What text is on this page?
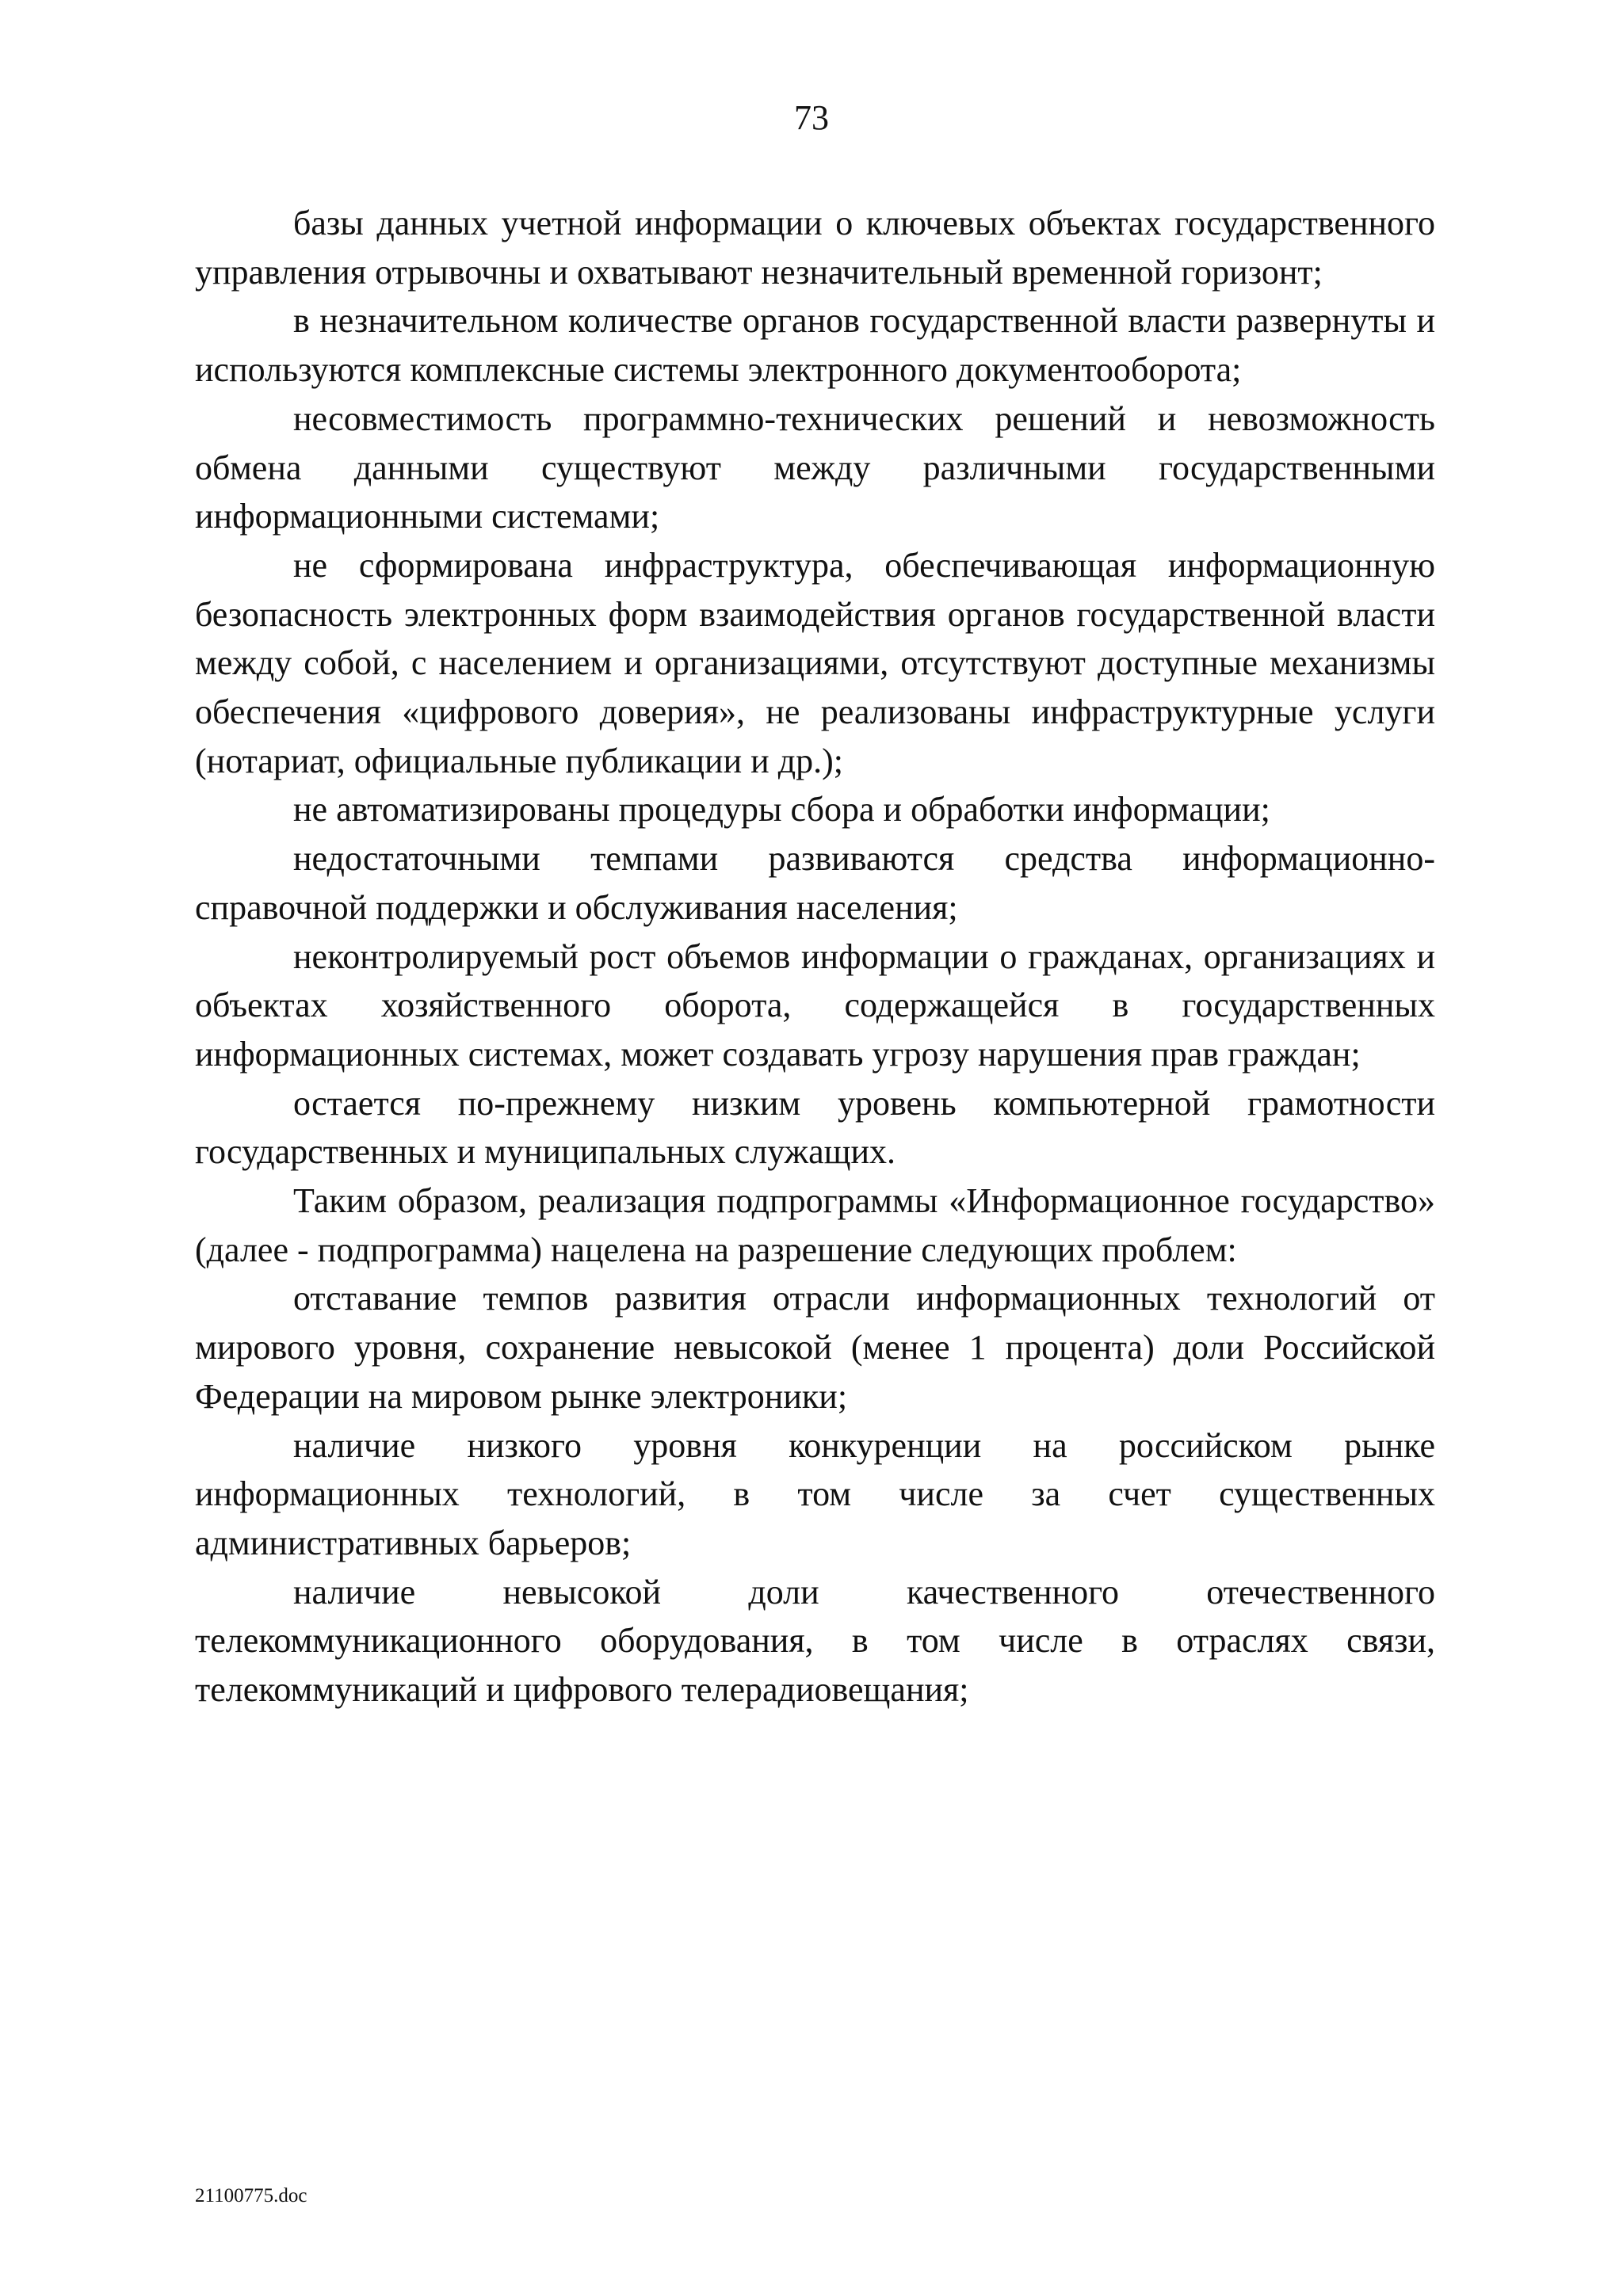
73

базы данных учетной информации о ключевых объектах государственного управления отрывочны и охватывают незначительный временной горизонт;

в незначительном количестве органов государственной власти развернуты и используются комплексные системы электронного документооборота;

несовместимость программно-технических решений и невозможность обмена данными существуют между различными государственными информационными системами;

не сформирована инфраструктура, обеспечивающая информационную безопасность электронных форм взаимодействия органов государственной власти между собой, с населением и организациями, отсутствуют доступные механизмы обеспечения «цифрового доверия», не реализованы инфраструктурные услуги (нотариат, официальные публикации и др.);

не автоматизированы процедуры сбора и обработки информации;

недостаточными темпами развиваются средства информационно-справочной поддержки и обслуживания населения;

неконтролируемый рост объемов информации о гражданах, организациях и объектах хозяйственного оборота, содержащейся в государственных информационных системах, может создавать угрозу нарушения прав граждан;

остается по-прежнему низким уровень компьютерной грамотности государственных и муниципальных служащих.

Таким образом, реализация подпрограммы «Информационное государство» (далее - подпрограмма) нацелена на разрешение следующих проблем:

отставание темпов развития отрасли информационных технологий от мирового уровня, сохранение невысокой (менее 1 процента) доли Российской Федерации на мировом рынке электроники;

наличие низкого уровня конкуренции на российском рынке информационных технологий, в том числе за счет существенных административных барьеров;

наличие невысокой доли качественного отечественного телекоммуникационного оборудования, в том числе в отраслях связи, телекоммуникаций и цифрового телерадиовещания;

21100775.doc
